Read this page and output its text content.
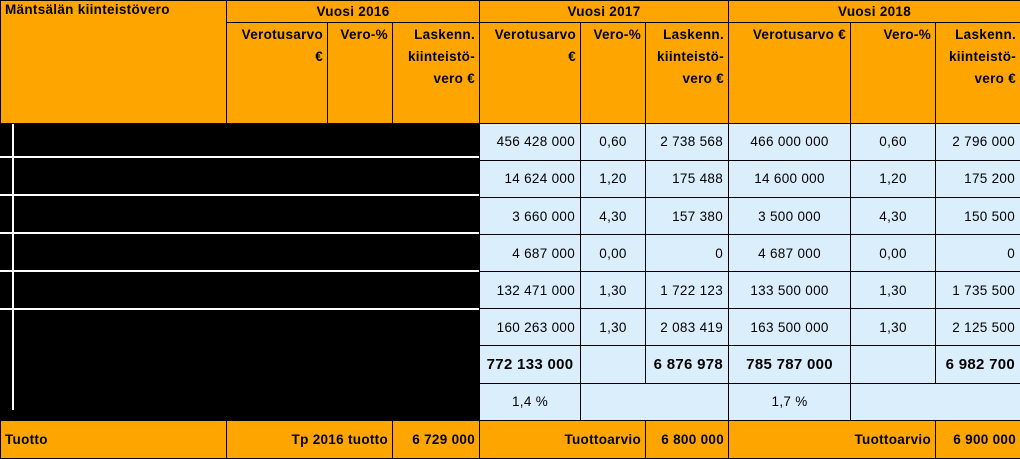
Mäntsälän kiinteistövero	Vuosi 2016			Vuosi 2017			Vuosi 2018		
	Verotusarvo €	Vero-%	Laskenn. kiinteistö-vero €	Verotusarvo €	Vero-%	Laskenn. kiinteistö-vero €	Verotusarvo €	Vero-%	Laskenn. kiinteistö-vero €
				456 428 000	0,60	2 738 568	466 000 000	0,60	2 796 000
				14 624 000	1,20	175 488	14 600 000	1,20	175 200
				3 660 000	4,30	157 380	3 500 000	4,30	150 500
				4 687 000	0,00	0	4 687 000	0,00	0
				132 471 000	1,30	1 722 123	133 500 000	1,30	1 735 500
				160 263 000	1,30	2 083 419	163 500 000	1,30	2 125 500
				772 133 000		6 876 978	785 787 000		6 982 700
				1,4 %			1,7 %		
Tuotto	Tp 2016 tuotto		6 729 000	Tuottoarvio		6 800 000	Tuottoarvio		6 900 000
